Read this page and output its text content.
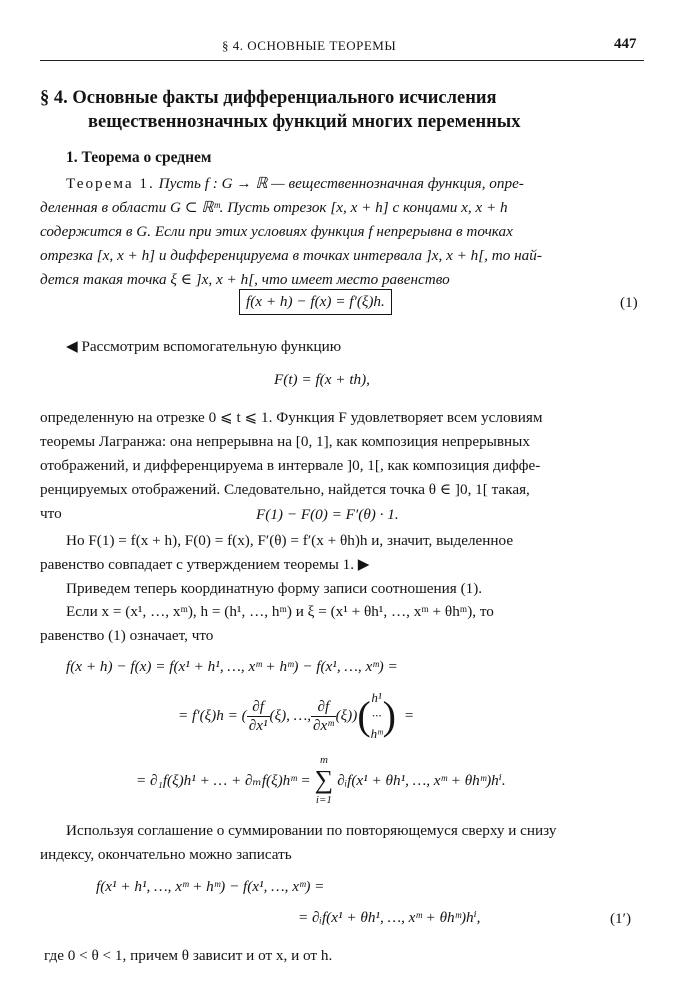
§ 4. ОСНОВНЫЕ ТЕОРЕМЫ	447
§ 4. Основные факты дифференциального исчисления
вещественнозначных функций многих переменных
1. Теорема о среднем
Теорема 1. Пусть f : G → ℝ — вещественнозначная функция, опре-
деленная в области G ⊂ ℝᵐ. Пусть отрезок [x, x + h] с концами x, x + h
содержится в G. Если при этих условиях функция f непрерывна в точках
отрезка [x, x + h] и дифференцируема в точках интервала ]x, x + h[, то най-
дется такая точка ξ ∈ ]x, x + h[, что имеет место равенство
f(x + h) − f(x) = f′(ξ)h.	(1)
◀ Рассмотрим вспомогательную функцию
F(t) = f(x + th),
определенную на отрезке 0 ⩽ t ⩽ 1. Функция F удовлетворяет всем условиям
теоремы Лагранжа: она непрерывна на [0, 1], как композиция непрерывных
отображений, и дифференцируема в интервале ]0, 1[, как композиция диффе-
ренцируемых отображений. Следовательно, найдется точка θ ∈ ]0, 1[ такая,
что	F(1) − F(0) = F′(θ) · 1.
Но F(1) = f(x + h), F(0) = f(x), F′(θ) = f′(x + θh)h и, значит, выделенное
равенство совпадает с утверждением теоремы 1. ▶
Приведем теперь координатную форму записи соотношения (1).
Если x = (x¹, …, xᵐ), h = (h¹, …, hᵐ) и ξ = (x¹ + θh¹, …, xᵐ + θhᵐ), то
равенство (1) означает, что
f(x + h) − f(x) = f(x¹ + h¹, …, xᵐ + hᵐ) − f(x¹, …, xᵐ) =
= f′(ξ)h = ( $\frac{\partial f}{\text{∂x¹}} (\xi)$, …, $\frac{\partial f}{\text{∂xᵐ}} (\xi)$) ( h¹
···
hᵐ ) =
= ∂₁f(ξ)h¹ + … + ∂ₘf(ξ)hᵐ =
m
∑
i=1
∂ᵢf(x¹ + θh¹, …, xᵐ + θhᵐ)hⁱ.
Используя соглашение о суммировании по повторяющемуся сверху и снизу
индексу, окончательно можно записать
f(x¹ + h¹, …, xᵐ + hᵐ) − f(x¹, …, xᵐ) =
= ∂ᵢf(x¹ + θh¹, …, xᵐ + θhᵐ)hⁱ,	(1′)
где 0 < θ < 1, причем θ зависит и от x, и от h.
